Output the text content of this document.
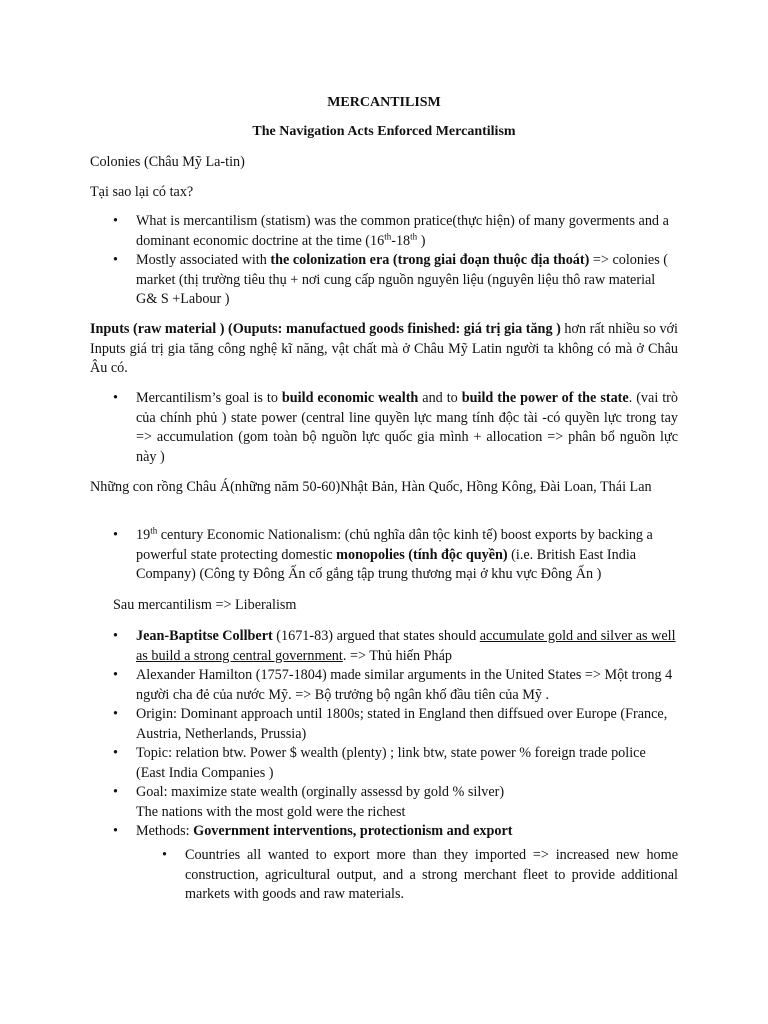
MERCANTILISM
The Navigation Acts Enforced Mercantilism
Colonies (Châu Mỹ La-tin)
Tại sao lại có tax?
• What is mercantilism (statism) was the common pratice(thực hiện) of many goverments and a dominant economic doctrine at the time (16th-18th )
• Mostly associated with the colonization era (trong giai đoạn thuộc địa thoát) => colonies ( market (thị trường tiêu thụ + nơi cung cấp nguồn nguyên liệu (nguyên liệu thô raw material G& S +Labour )
Inputs (raw material ) (Ouputs: manufactued goods finished: giá trị gia tăng ) hơn rất nhiều so với Inputs giá trị gia tăng công nghệ kĩ năng, vật chất mà ở Châu Mỹ Latin người ta không có mà ở Châu Âu có.
• Mercantilism’s goal is to build economic wealth and to build the power of the state. (vai trò của chính phủ ) state power (central line quyền lực mang tính độc tài -có quyền lực trong tay => accumulation (gom toàn bộ nguồn lực quốc gia mình + allocation => phân bổ nguồn lực này )
Những con rồng Châu Á(những năm 50-60)Nhật Bản, Hàn Quốc, Hồng Kông, Đài Loan, Thái Lan
• 19th century Economic Nationalism: (chủ nghĩa dân tộc kinh tế) boost exports by backing a powerful state protecting domestic monopolies (tính độc quyền) (i.e. British East India Company) (Công ty Đông Ấn cố gắng tập trung thương mại ở khu vực Đông Ấn )
Sau mercantilism => Liberalism
• Jean-Baptitse Collbert (1671-83) argued that states should accumulate gold and silver as well as build a strong central government. => Thủ hiến Pháp
• Alexander Hamilton (1757-1804) made similar arguments in the United States => Một trong 4 người cha đẻ của nước Mỹ. => Bộ trưởng bộ ngân khố đầu tiên của Mỹ .
• Origin: Dominant approach until 1800s; stated in England then diffsued over Europe (France, Austria, Netherlands, Prussia)
• Topic: relation btw. Power $ wealth (plenty) ; link btw, state power % foreign trade police (East India Companies )
• Goal: maximize state wealth (orginally assessd by gold % silver)
The nations with the most gold were the richest
• Methods: Government interventions, protectionism and export
• Countries all wanted to export more than they imported => increased new home construction, agricultural output, and a strong merchant fleet to provide additional markets with goods and raw materials.
